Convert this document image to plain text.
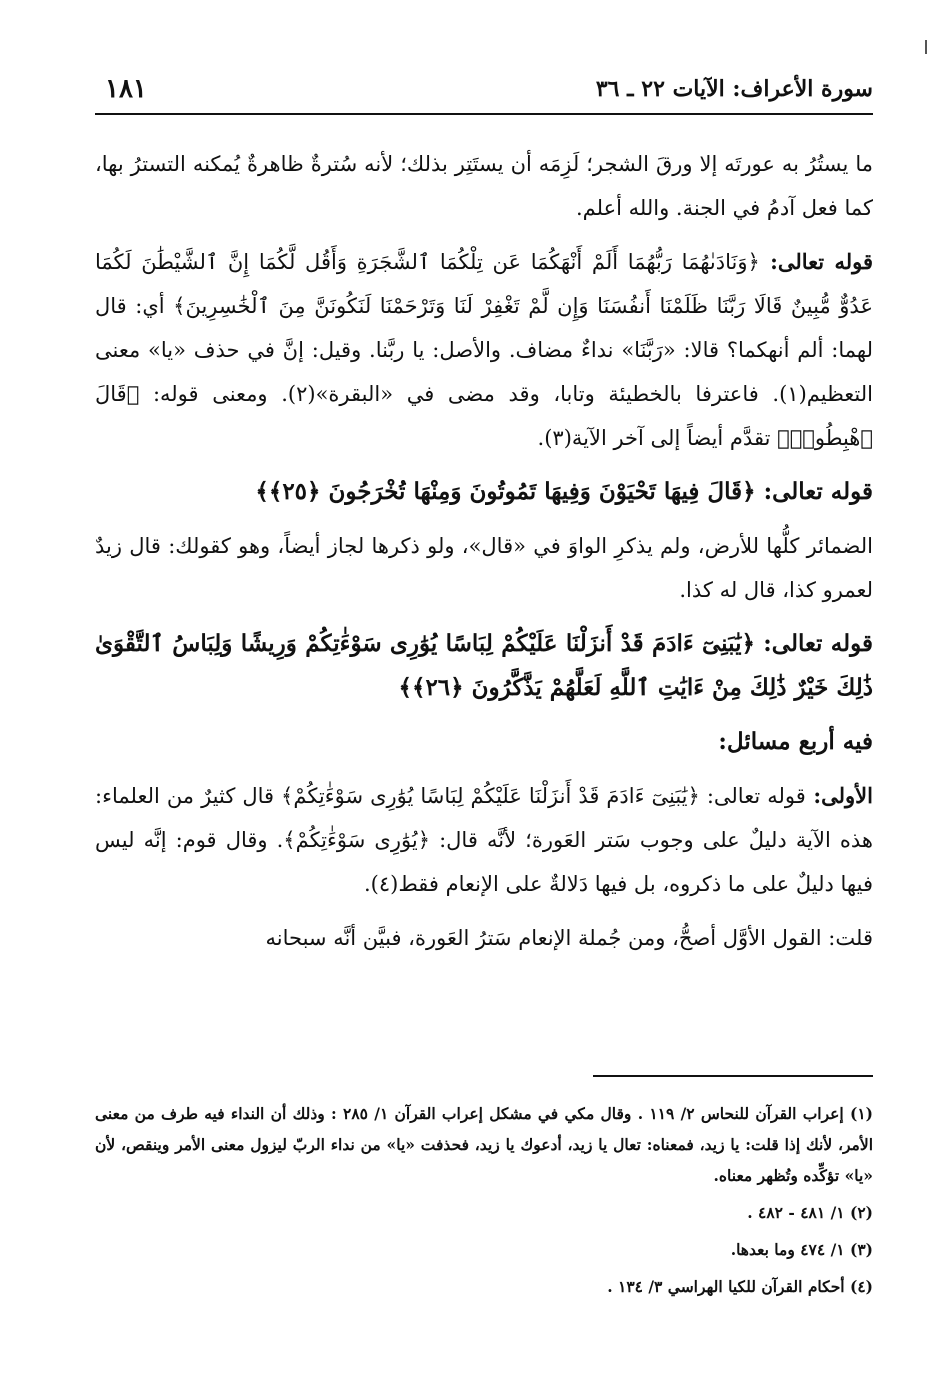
سورة الأعراف: الآيات ٢٢ ـ ٣٦
١٨١

ما يستُرُ به عورتَه إلا ورقَ الشجر؛ لَزِمَه أن يستَتِر بذلك؛ لأنه سُترةٌ ظاهرةٌ يُمكنه التسترُ بها، كما فعل آدمُ في الجنة. والله أعلم.

قوله تعالى: ﴿وَنَادَىٰهُمَا رَبُّهُمَا أَلَمْ أَنْهَكُمَا عَن تِلْكُمَا ٱلشَّجَرَةِ وَأَقُل لَّكُمَا إِنَّ ٱلشَّيْطَٰنَ لَكُمَا عَدُوٌّ مُّبِينٌ قَالَا رَبَّنَا ظَلَمْنَا أَنفُسَنَا وَإِن لَّمْ تَغْفِرْ لَنَا وَتَرْحَمْنَا لَنَكُونَنَّ مِنَ ٱلْخَٰسِرِينَ﴾ أي: قال لهما: ألم أنهكما؟ قالا: «رَبَّنَا» نداءٌ مضاف. والأصل: يا ربَّنا. وقيل: إنَّ في حذف «يا» معنى التعظيم(١). فاعترفا بالخطيئة وتابا، وقد مضى في «البقرة»(٢). ومعنى قوله: ﴿قَالَ ٱهْبِطُوا۟﴾ تقدَّم أيضاً إلى آخر الآية(٣).

قوله تعالى: ﴿قَالَ فِيهَا تَحْيَوْنَ وَفِيهَا تَمُوتُونَ وَمِنْهَا تُخْرَجُونَ ﴿٢٥﴾﴾

الضمائر كلُّها للأرض، ولم يذكرِ الواوَ في «قال»، ولو ذكرها لجاز أيضاً، وهو كقولك: قال زيدٌ لعمرو كذا، قال له كذا.

قوله تعالى: ﴿يَٰبَنِىٓ ءَادَمَ قَدْ أَنزَلْنَا عَلَيْكُمْ لِبَاسًا يُوَٰرِى سَوْءَٰتِكُمْ وَرِيشًا وَلِبَاسُ ٱلتَّقْوَىٰ ذَٰلِكَ خَيْرٌ ذَٰلِكَ مِنْ ءَايَٰتِ ٱللَّهِ لَعَلَّهُمْ يَذَّكَّرُونَ ﴿٢٦﴾﴾

فيه أربع مسائل:

الأولى: قوله تعالى: ﴿يَٰبَنِىٓ ءَادَمَ قَدْ أَنزَلْنَا عَلَيْكُمْ لِبَاسًا يُوَٰرِى سَوْءَٰتِكُمْ﴾ قال كثيرٌ من العلماء: هذه الآية دليلٌ على وجوب سَتر العَورة؛ لأنَّه قال: ﴿يُوَٰرِى سَوْءَٰتِكُمْ﴾. وقال قوم: إنَّه ليس فيها دليلٌ على ما ذكروه، بل فيها دَلالةٌ على الإنعام فقط(٤).

قلت: القول الأوَّل أصحُّ، ومن جُملة الإنعام سَترُ العَورة، فبيَّن أنَّه سبحانه

(١) إعراب القرآن للنحاس ٢/ ١١٩ . وقال مكي في مشكل إعراب القرآن ١/ ٢٨٥ : وذلك أن النداء فيه طرف من معنى الأمر، لأنك إذا قلت: يا زيد، فمعناه: تعال يا زيد، أدعوك يا زيد، فحذفت «يا» من نداء الربّ ليزول معنى الأمر وينقص، لأن «يا» تؤكِّده وتُظهر معناه.
(٢) ١/ ٤٨١ - ٤٨٢ .
(٣) ١/ ٤٧٤ وما بعدها.
(٤) أحكام القرآن للكيا الهراسي ٣/ ١٣٤ .
